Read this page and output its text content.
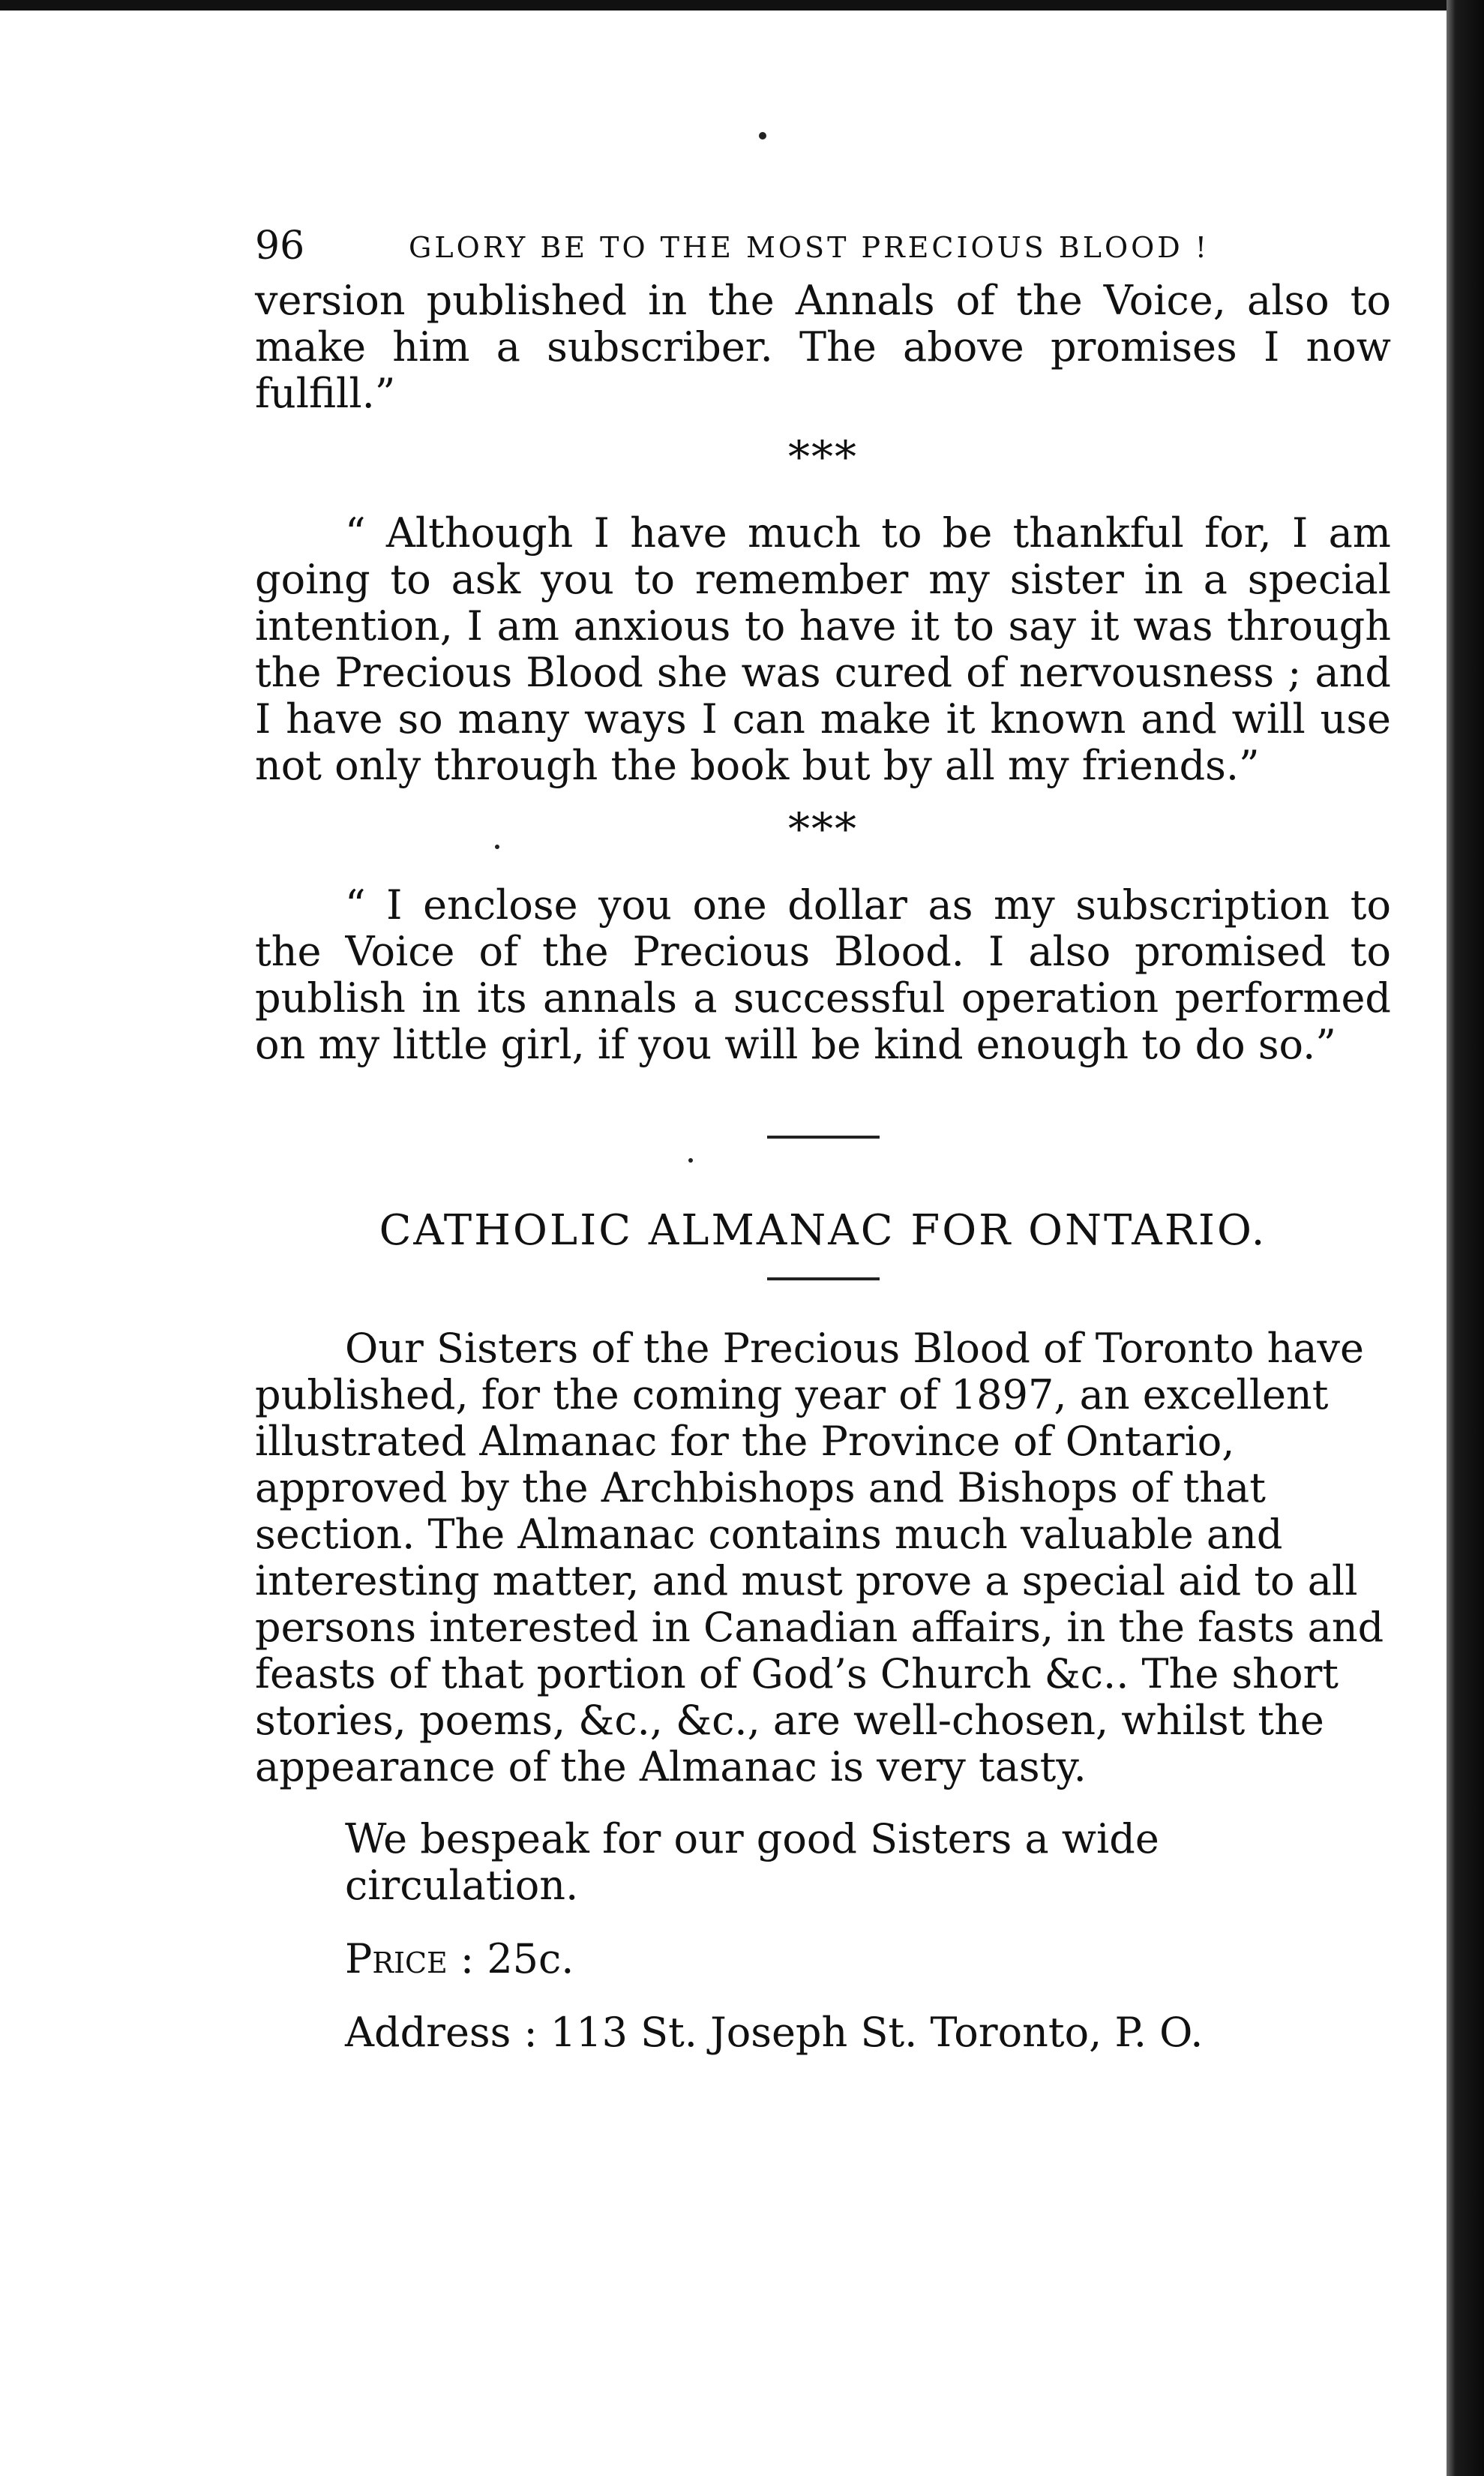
96	GLORY BE TO THE MOST PRECIOUS BLOOD !

version published in the Annals of the Voice, also to make him a subscriber. The above promises I now fulfill.”

***

“ Although I have much to be thankful for, I am going to ask you to remember my sister in a special intention, I am anxious to have it to say it was through the Precious Blood she was cured of nervousness ; and I have so many ways I can make it known and will use not only through the book but by all my friends.”

***

“ I enclose you one dollar as my subscription to the Voice of the Precious Blood. I also promised to publish in its annals a successful operation performed on my little girl, if you will be kind enough to do so.”

CATHOLIC ALMANAC FOR ONTARIO.

Our Sisters of the Precious Blood of Toronto have published, for the coming year of 1897, an excellent illustrated Almanac for the Province of Ontario, approved by the Archbishops and Bishops of that section. The Almanac contains much valuable and interesting matter, and must prove a special aid to all persons interested in Canadian affairs, in the fasts and feasts of that portion of God’s Church &c.. The short stories, poems, &c., &c., are well-chosen, whilst the appearance of the Almanac is very tasty.

We bespeak for our good Sisters a wide circulation.
Price : 25c.
Address : 113 St. Joseph St. Toronto, P. O.
